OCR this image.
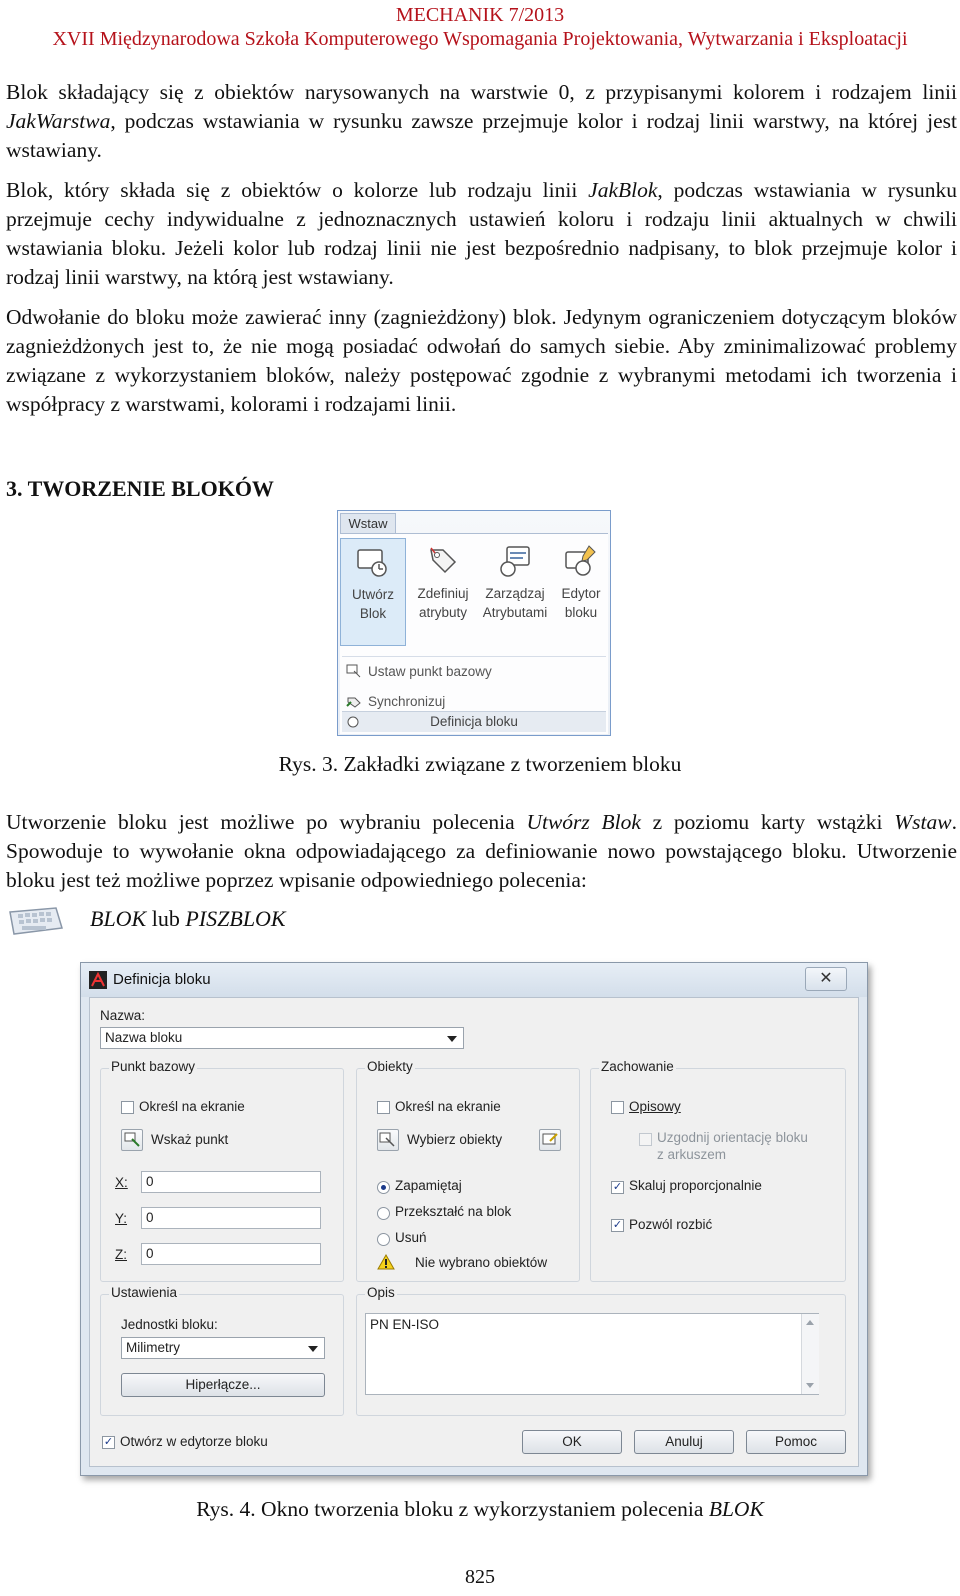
MECHANIK 7/2013
XVII Międzynarodowa Szkoła Komputerowego Wspomagania Projektowania, Wytwarzania i Eksploatacji
Blok składający się z obiektów narysowanych na warstwie 0, z przypisanymi kolorem i rodzajem linii JakWarstwa, podczas wstawiania w rysunku zawsze przejmuje kolor i rodzaj linii warstwy, na której jest wstawiany.
Blok, który składa się z obiektów o kolorze lub rodzaju linii JakBlok, podczas wstawiania w rysunku przejmuje cechy indywidualne z jednoznacznych ustawień koloru i rodzaju linii aktualnych w chwili wstawiania bloku. Jeżeli kolor lub rodzaj linii nie jest bezpośrednio nadpisany, to blok przejmuje kolor i rodzaj linii warstwy, na którą jest wstawiany.
Odwołanie do bloku może zawierać inny (zagnieżdżony) blok. Jedynym ograniczeniem dotyczącym bloków zagnieżdżonych jest to, że nie mogą posiadać odwołań do samych siebie. Aby zminimalizować problemy związane z wykorzystaniem bloków, należy postępować zgodnie z wybranymi metodami ich tworzenia i współpracy z warstwami, kolorami i rodzajami linii.
3. TWORZENIE BLOKÓW
Wstaw
Utwórz
Blok
Zdefiniuj
atrybuty
Zarządzaj
Atrybutami
Edytor
bloku
Ustaw punkt bazowy
Synchronizuj
Definicja bloku
Rys. 3. Zakładki związane z tworzeniem bloku
Utworzenie bloku jest możliwe po wybraniu polecenia Utwórz Blok z poziomu karty wstążki Wstaw. Spowoduje to wywołanie okna odpowiadającego za definiowanie nowo powstającego bloku. Utworzenie bloku jest też możliwe poprzez wpisanie odpowiedniego polecenia:
BLOK lub PISZBLOK
Definicja bloku	✕
Nazwa:
Nazwa bloku
Punkt bazowy
Określ na ekranie
Wskaż punkt
X:	0
Y:	0
Z:	0
Obiekty
Określ na ekranie
Wybierz obiekty
Zapamiętaj
Przekształć na blok
Usuń
Nie wybrano obiektów
Zachowanie
Opisowy
Uzgodnij orientację bloku
z arkuszem
✓ Skaluj proporcjonalnie
✓ Pozwól rozbić
Ustawienia
Jednostki bloku:
Milimetry
Hiperłącze...
Opis
PN EN-ISO
✓ Otwórz w edytorze bloku	OK	Anuluj	Pomoc
Rys. 4. Okno tworzenia bloku z wykorzystaniem polecenia BLOK
825
